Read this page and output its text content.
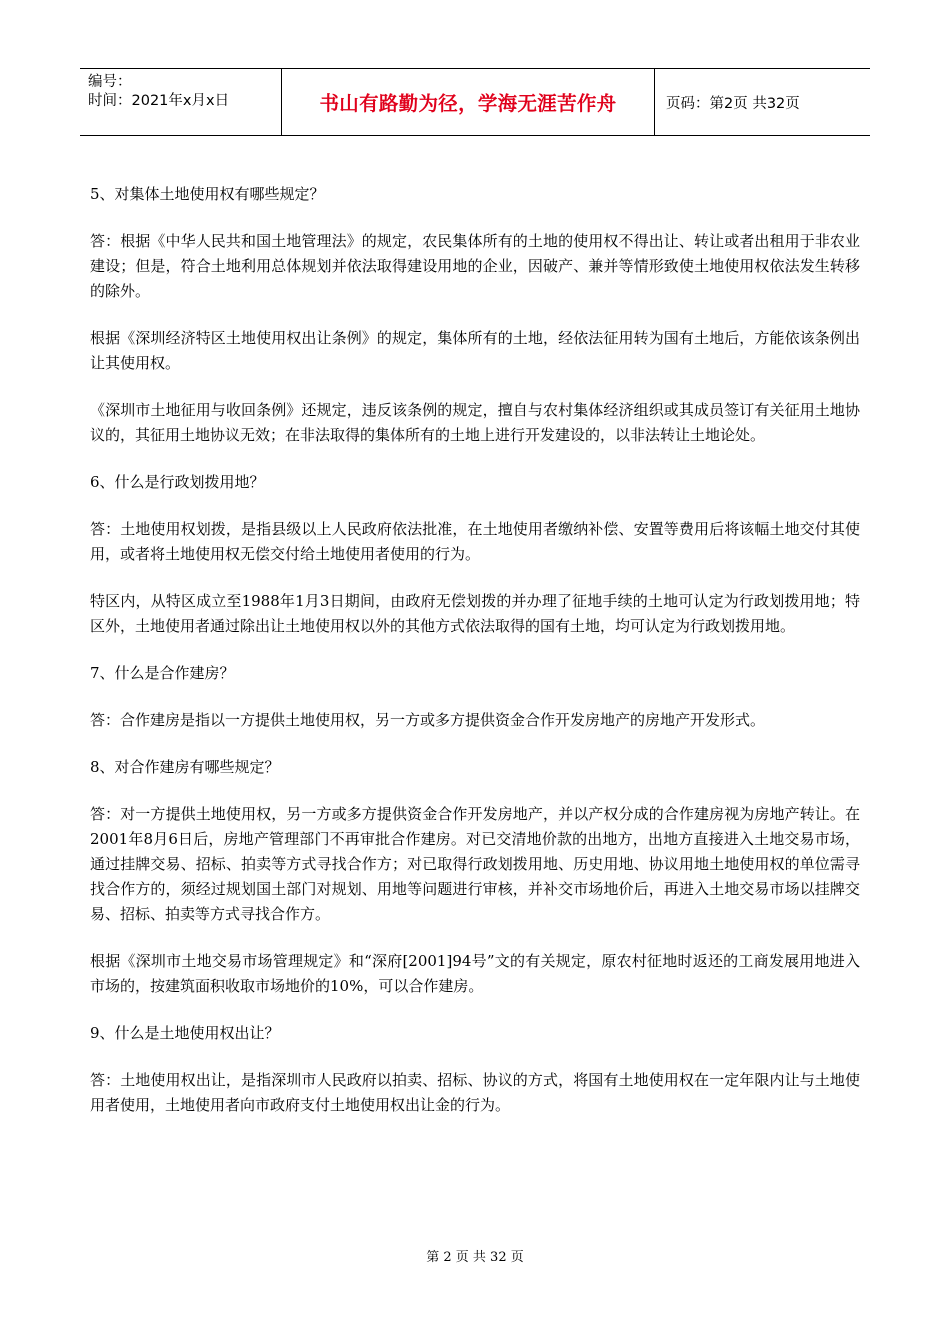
编号：
时间：2021年x月x日	书山有路勤为径，学海无涯苦作舟	页码：第2页 共32页

5、对集体土地使用权有哪些规定？

答：根据《中华人民共和国土地管理法》的规定，农民集体所有的土地的使用权不得出让、转让或者出租用于非农业建设；但是，符合土地利用总体规划并依法取得建设用地的企业，因破产、兼并等情形致使土地使用权依法发生转移的除外。

根据《深圳经济特区土地使用权出让条例》的规定，集体所有的土地，经依法征用转为国有土地后，方能依该条例出让其使用权。

《深圳市土地征用与收回条例》还规定，违反该条例的规定，擅自与农村集体经济组织或其成员签订有关征用土地协议的，其征用土地协议无效；在非法取得的集体所有的土地上进行开发建设的，以非法转让土地论处。

6、什么是行政划拨用地？

答：土地使用权划拨，是指县级以上人民政府依法批准，在土地使用者缴纳补偿、安置等费用后将该幅土地交付其使用，或者将土地使用权无偿交付给土地使用者使用的行为。

特区内，从特区成立至1988年1月3日期间，由政府无偿划拨的并办理了征地手续的土地可认定为行政划拨用地；特区外，土地使用者通过除出让土地使用权以外的其他方式依法取得的国有土地，均可认定为行政划拨用地。

7、什么是合作建房？

答：合作建房是指以一方提供土地使用权，另一方或多方提供资金合作开发房地产的房地产开发形式。

8、对合作建房有哪些规定？

答：对一方提供土地使用权，另一方或多方提供资金合作开发房地产，并以产权分成的合作建房视为房地产转让。在2001年8月6日后，房地产管理部门不再审批合作建房。对已交清地价款的出地方，出地方直接进入土地交易市场，通过挂牌交易、招标、拍卖等方式寻找合作方；对已取得行政划拨用地、历史用地、协议用地土地使用权的单位需寻找合作方的，须经过规划国土部门对规划、用地等问题进行审核，并补交市场地价后，再进入土地交易市场以挂牌交易、招标、拍卖等方式寻找合作方。

根据《深圳市土地交易市场管理规定》和“深府[2001]94号”文的有关规定，原农村征地时返还的工商发展用地进入市场的，按建筑面积收取市场地价的10%，可以合作建房。

9、什么是土地使用权出让？

答：土地使用权出让，是指深圳市人民政府以拍卖、招标、协议的方式，将国有土地使用权在一定年限内让与土地使用者使用，土地使用者向市政府支付土地使用权出让金的行为。

第 2 页 共 32 页
